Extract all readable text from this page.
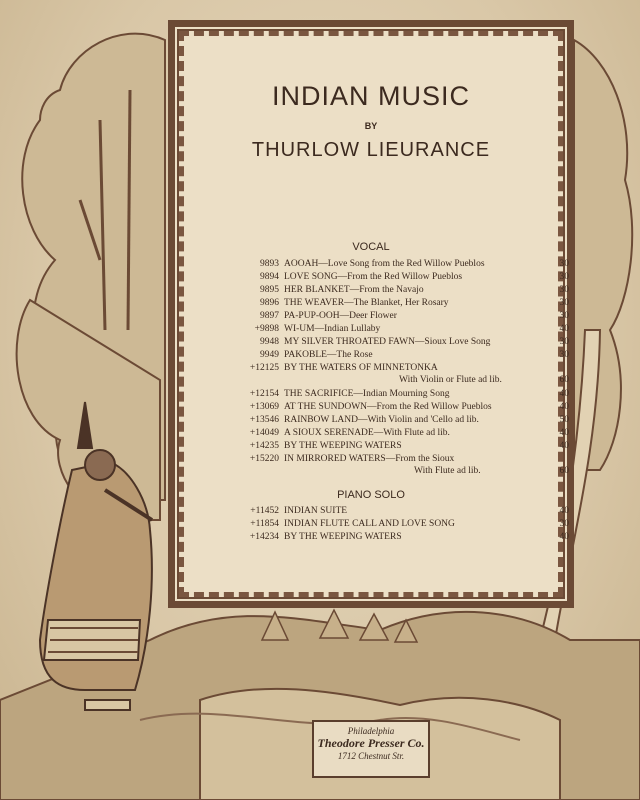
INDIAN MUSIC
BY
THURLOW LIEURANCE
VOCAL
9893 AOOAH—Love Song from the Red Willow Pueblos	30
9894 LOVE SONG—From the Red Willow Pueblos	30
9895 HER BLANKET—From the Navajo	30
9896 THE WEAVER—The Blanket, Her Rosary	30
9897 PA-PUP-OOH—Deer Flower	30
+9898 WI-UM—Indian Lullaby	40
9948 MY SILVER THROATED FAWN—Sioux Love Song	30
9949 PAKOBLE—The Rose	30
+12125 BY THE WATERS OF MINNETONKA
With Violin or Flute ad lib.	60
+12154 THE SACRIFICE—Indian Mourning Song	40
+13069 AT THE SUNDOWN—From the Red Willow Pueblos	40
+13546 RAINBOW LAND—With Violin and 'Cello ad lib.	50
+14049 A SIOUX SERENADE—With Flute ad lib.	40
+14235 BY THE WEEPING WATERS	40
+15220 IN MIRRORED WATERS—From the Sioux
With Flute ad lib.	60
PIANO SOLO
+11452 INDIAN SUITE	40
+11854 INDIAN FLUTE CALL AND LOVE SONG	30
+14234 BY THE WEEPING WATERS	40
Philadelphia
Theodore Presser Co.
1712 Chestnut Str.
